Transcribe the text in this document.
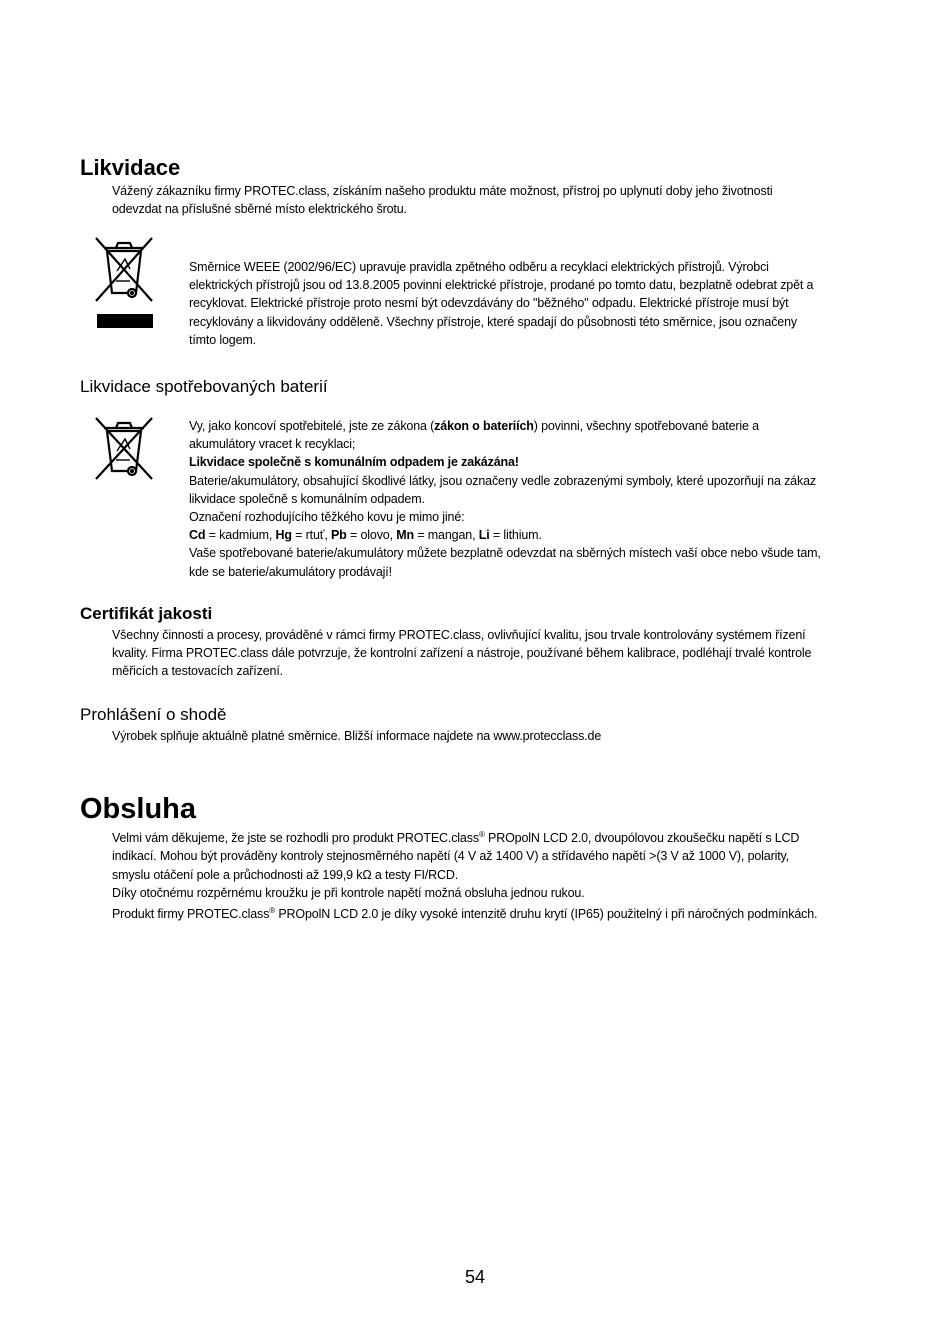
Likvidace
Vážený zákazníku firmy PROTEC.class, získáním našeho produktu máte možnost, přístroj po uplynutí doby jeho životnosti
odevzdat na příslušné sběrné místo elektrického šrotu.
Směrnice WEEE (2002/96/EC) upravuje pravidla zpětného odběru a recyklaci elektrických přístrojů. Výrobci
elektrických přístrojů jsou od 13.8.2005 povinni elektrické přístroje, prodané po tomto datu, bezplatně odebrat zpět a
recyklovat. Elektrické přístroje proto nesmí být odevzdávány do "běžného" odpadu. Elektrické přístroje musí být
recyklovány a likvidovány odděleně. Všechny přístroje, které spadají do působnosti této směrnice, jsou označeny
tímto logem.
Likvidace spotřebovaných baterií
Vy, jako koncoví spotřebitelé, jste ze zákona (zákon o bateriích) povinni, všechny spotřebované baterie a
akumulátory vracet k recyklaci;
Likvidace společně s komunálním odpadem je zakázána!
Baterie/akumulátory, obsahující škodlivé látky, jsou označeny vedle zobrazenými symboly, které upozorňují na zákaz
likvidace společně s komunálním odpadem.
Označení rozhodujícího těžkého kovu je mimo jiné:
Cd = kadmium, Hg = rtuť, Pb = olovo, Mn = mangan, Li = lithium.
Vaše spotřebované baterie/akumulátory můžete bezplatně odevzdat na sběrných místech vaší obce nebo všude tam,
kde se baterie/akumulátory prodávají!
Certifikát jakosti
Všechny činnosti a procesy, prováděné v rámci firmy PROTEC.class, ovlivňující kvalitu, jsou trvale kontrolovány systémem řízení
kvality. Firma PROTEC.class dále potvrzuje, že kontrolní zařízení a nástroje, používané během kalibrace, podléhají trvalé kontrole
měřicích a testovacích zařízení.
Prohlášení o shodě
Výrobek splňuje aktuálně platné směrnice. Bližší informace najdete na www.protecclass.de
Obsluha
Velmi vám děkujeme, že jste se rozhodli pro produkt PROTEC.class® PROpolN LCD 2.0, dvoupólovou zkoušečku napětí s LCD
indikací. Mohou být prováděny kontroly stejnosměrného napětí (4 V až 1400 V) a střídavého napětí >(3 V až 1000 V), polarity,
smyslu otáčení pole a průchodnosti až 199,9 kΩ a testy FI/RCD.
Díky otočnému rozpěrnému kroužku je při kontrole napětí možná obsluha jednou rukou.
Produkt firmy PROTEC.class® PROpolN LCD 2.0 je díky vysoké intenzitě druhu krytí (IP65) použitelný i při náročných podmínkách.
54
